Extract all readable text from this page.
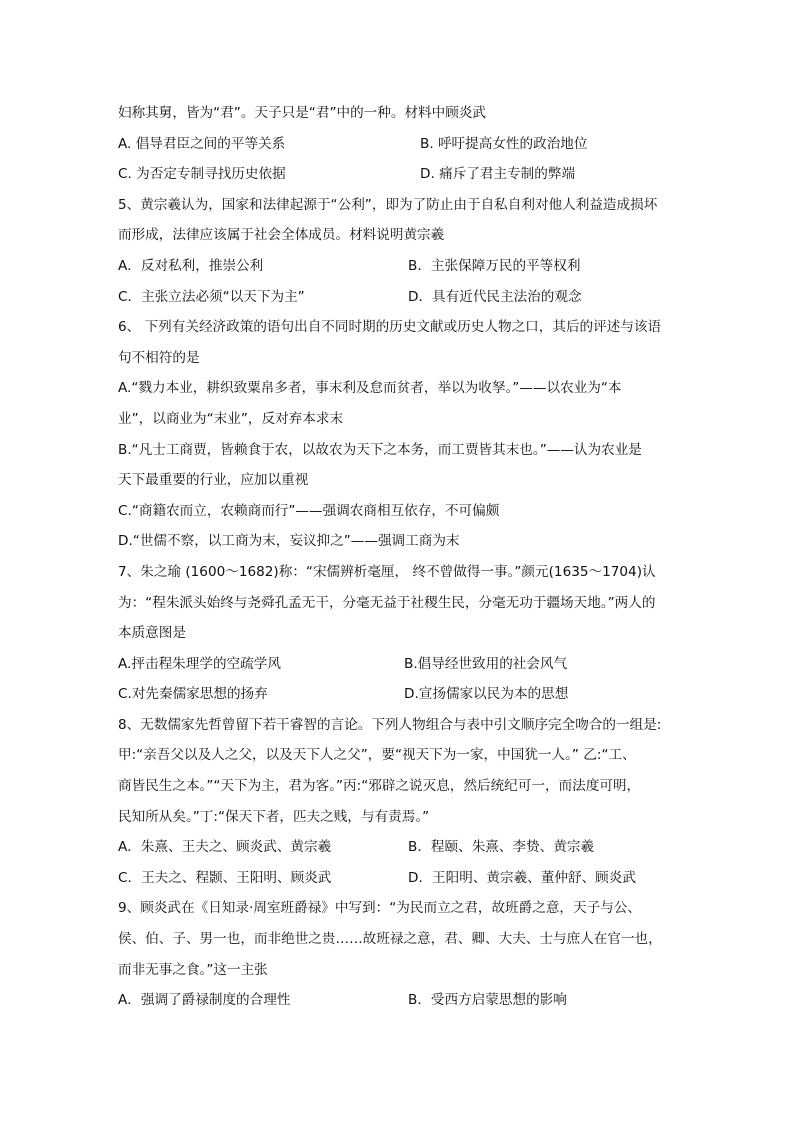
妇称其舅，皆为“君”。天子只是“君”中的一种。材料中顾炎武
A. 倡导君臣之间的平等关系	B. 呼吁提高女性的政治地位
C. 为否定专制寻找历史依据	D. 痛斥了君主专制的弊端
5、黄宗羲认为，国家和法律起源于“公利”，即为了防止由于自私自利对他人利益造成损坏
而形成，法律应该属于社会全体成员。材料说明黄宗羲
A．反对私利，推崇公利	B．主张保障万民的平等权利
C．主张立法必须“以天下为主”	D．具有近代民主法治的观念
6、 下列有关经济政策的语句出自不同时期的历史文献或历史人物之口，其后的评述与该语
句不相符的是
A.“戮力本业，耕织致粟帛多者，事末利及怠而贫者，举以为收孥。”——以农业为“本
业”，以商业为“末业”，反对弃本求末
B.“凡士工商贾，皆赖食于农，以故农为天下之本务，而工贾皆其末也。”——认为农业是
天下最重要的行业，应加以重视
C.“商籍农而立，农赖商而行”——强调农商相互依存，不可偏颇
D.“世儒不察，以工商为末，妄议抑之”——强调工商为末
7、朱之瑜 (1600～1682)称：“宋儒辨析毫厘， 终不曾做得一事。”颜元(1635～1704)认
为：“程朱派头始终与尧舜孔孟无干，分毫无益于社稷生民，分毫无功于疆场天地。”两人的
本质意图是
A.抨击程朱理学的空疏学风	B.倡导经世致用的社会风气
C.对先秦儒家思想的扬弃	D.宣扬儒家以民为本的思想
8、无数儒家先哲曾留下若干睿智的言论。下列人物组合与表中引文顺序完全吻合的一组是:
甲:“亲吾父以及人之父，以及天下人之父”，要“视天下为一家，中国犹一人。” 乙:“工、
商皆民生之本。”“天下为主，君为客。”丙:“邪辟之说灭息，然后统纪可一，而法度可明，
民知所从矣。”丁:“保天下者，匹夫之贱，与有责焉。”
A．朱熹、王夫之、顾炎武、黄宗羲	B．程颐、朱熹、李贽、黄宗羲
C．王夫之、程颢、王阳明、顾炎武	D．王阳明、黄宗羲、董仲舒、顾炎武
9、顾炎武在《日知录·周室班爵禄》中写到：“为民而立之君，故班爵之意，天子与公、
侯、伯、子、男一也，而非绝世之贵……故班禄之意，君、卿、大夫、士与庶人在官一也，
而非无事之食。”这一主张
A．强调了爵禄制度的合理性	B．受西方启蒙思想的影响
